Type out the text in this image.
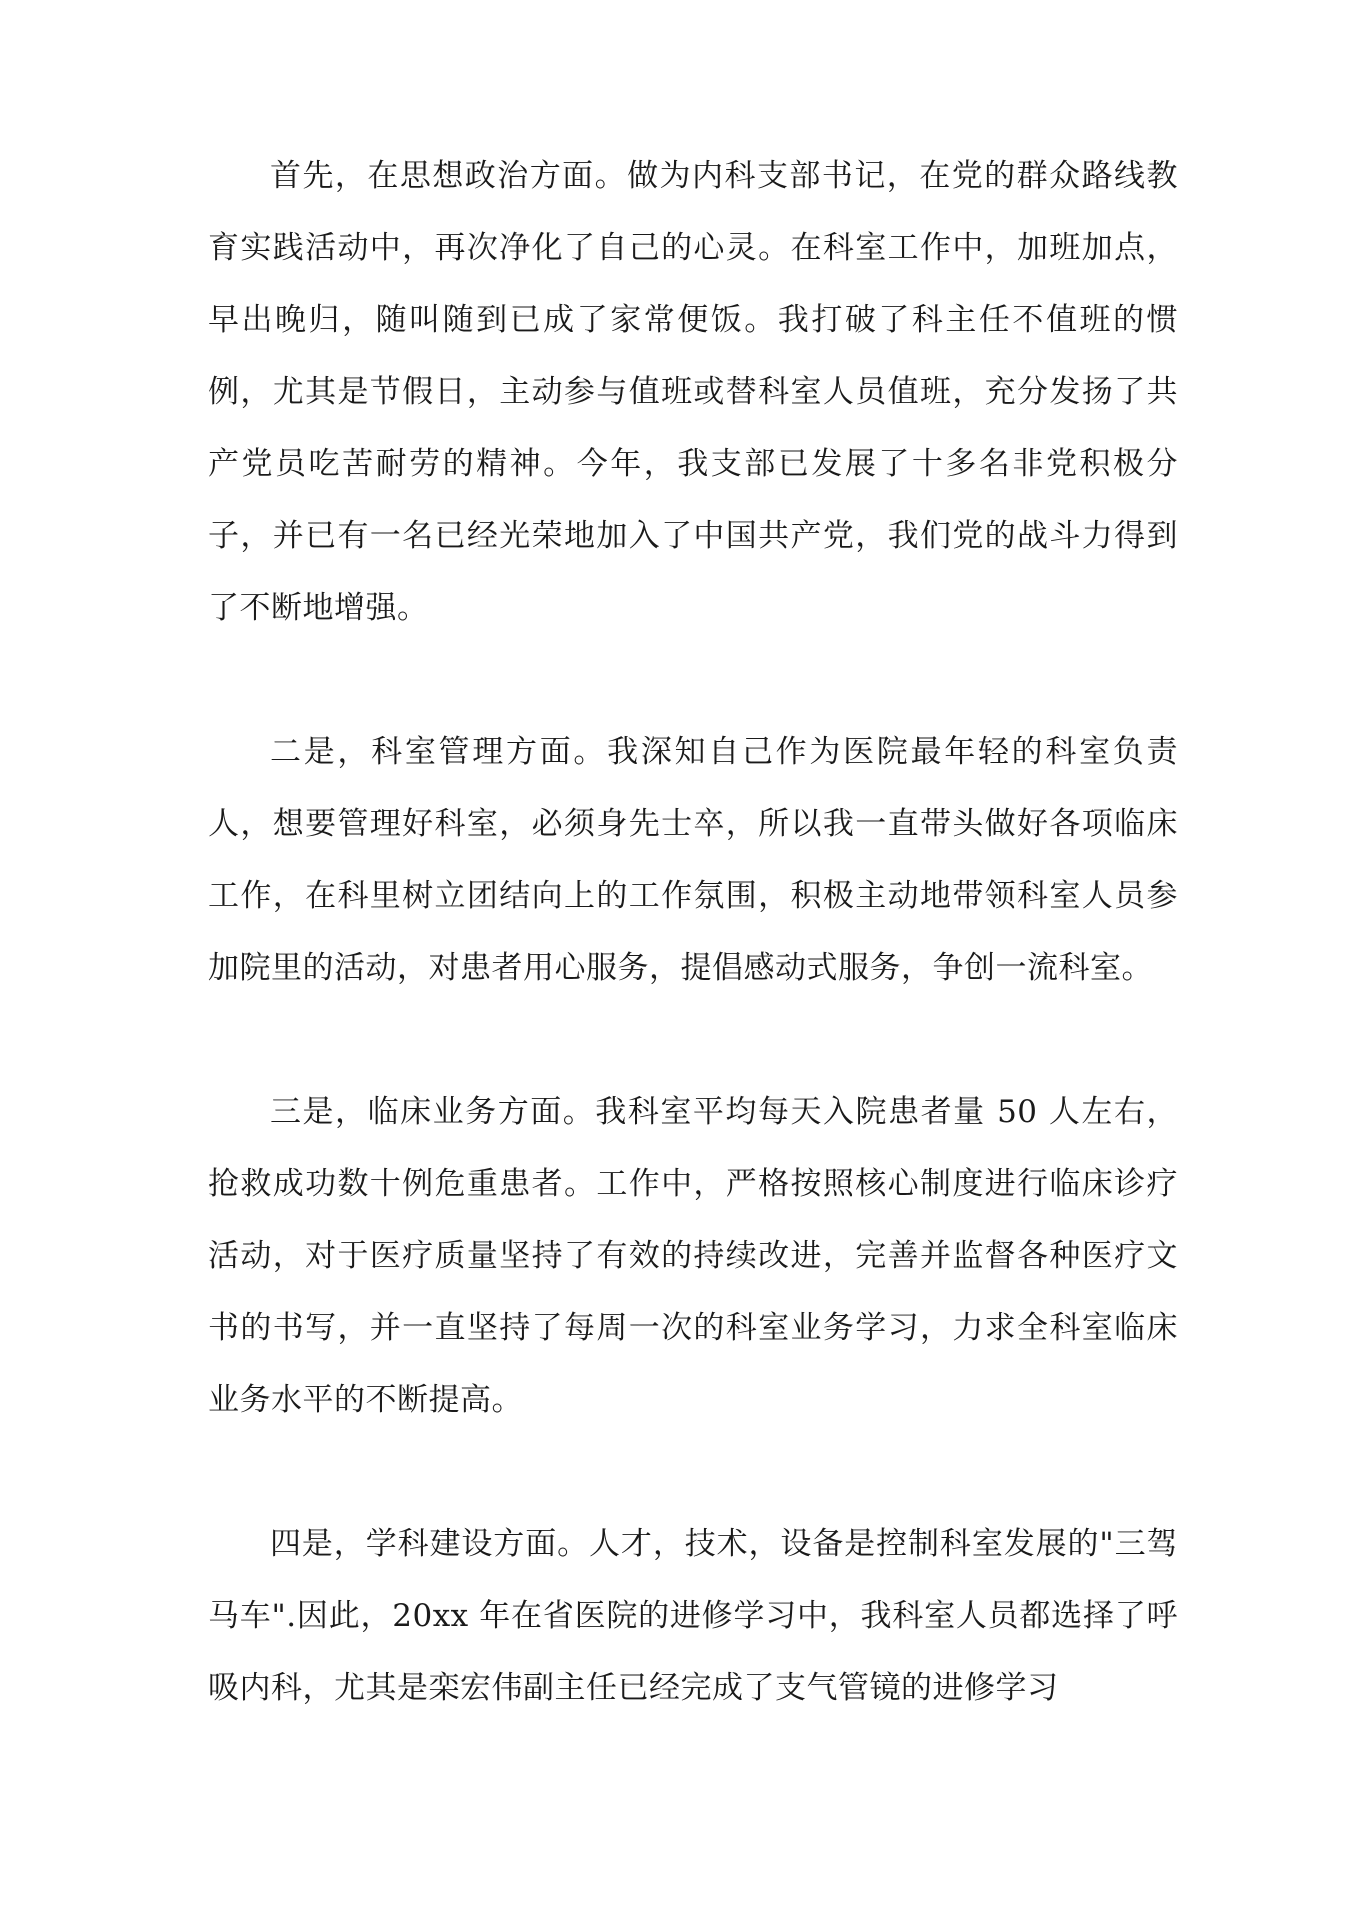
首先，在思想政治方面。做为内科支部书记，在党的群众路线教育实践活动中，再次净化了自己的心灵。在科室工作中，加班加点，早出晚归，随叫随到已成了家常便饭。我打破了科主任不值班的惯例，尤其是节假日，主动参与值班或替科室人员值班，充分发扬了共产党员吃苦耐劳的精神。今年，我支部已发展了十多名非党积极分子，并已有一名已经光荣地加入了中国共产党，我们党的战斗力得到了不断地增强。

二是，科室管理方面。我深知自己作为医院最年轻的科室负责人，想要管理好科室，必须身先士卒，所以我一直带头做好各项临床工作，在科里树立团结向上的工作氛围，积极主动地带领科室人员参加院里的活动，对患者用心服务，提倡感动式服务，争创一流科室。

三是，临床业务方面。我科室平均每天入院患者量 50 人左右，抢救成功数十例危重患者。工作中，严格按照核心制度进行临床诊疗活动，对于医疗质量坚持了有效的持续改进，完善并监督各种医疗文书的书写，并一直坚持了每周一次的科室业务学习，力求全科室临床业务水平的不断提高。

四是，学科建设方面。人才，技术，设备是控制科室发展的"三驾马车".因此，20xx 年在省医院的进修学习中，我科室人员都选择了呼吸内科，尤其是栾宏伟副主任已经完成了支气管镜的进修学习
